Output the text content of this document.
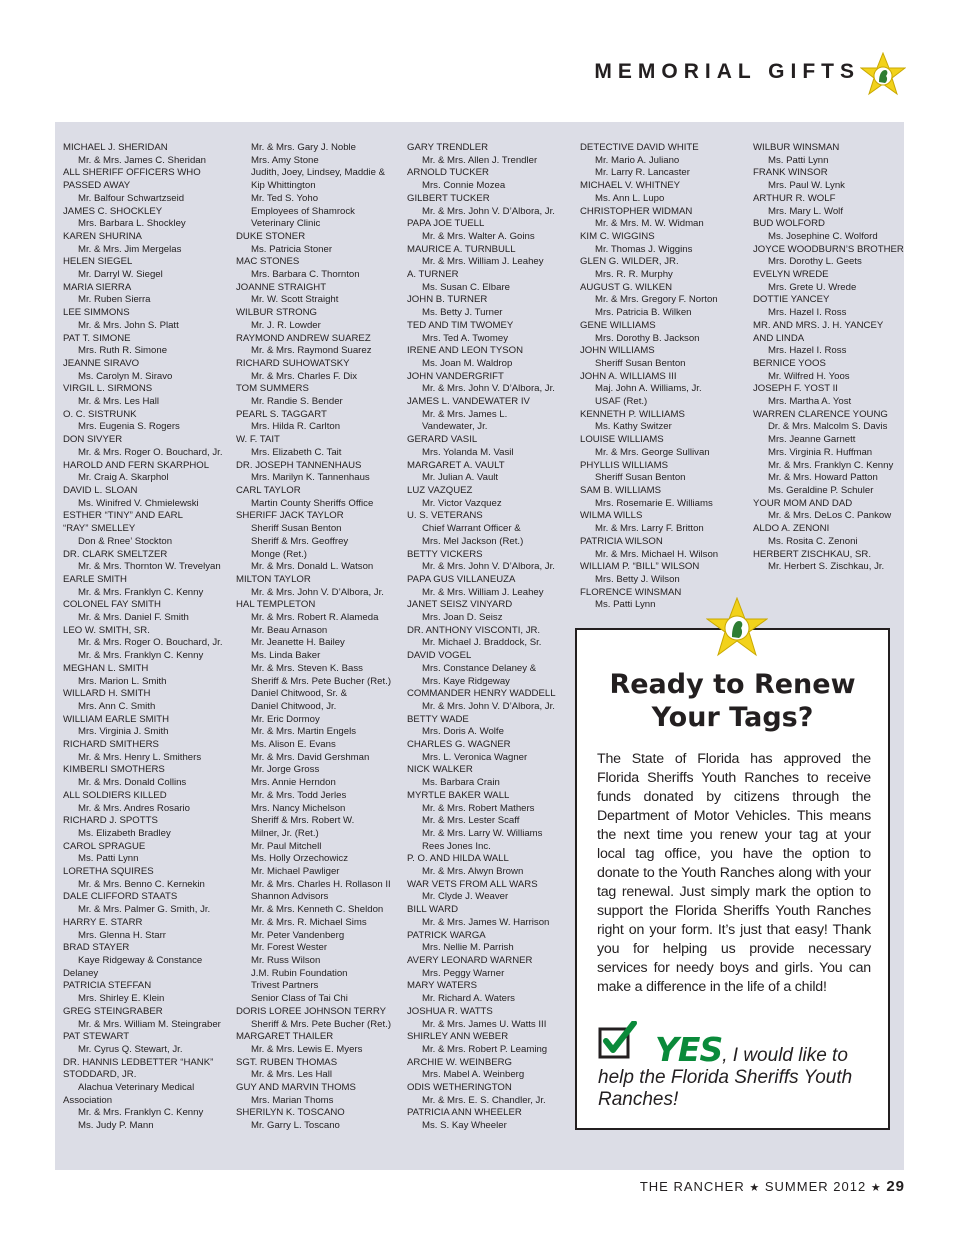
MEMORIAL GIFTS
MICHAEL J. SHERIDAN
Mr. & Mrs. James C. Sheridan
ALL SHERIFF OFFICERS WHO
PASSED AWAY
Mr. Balfour Schwartzseid
JAMES C. SHOCKLEY
Mrs. Barbara L. Shockley
KAREN SHURINA
Mr. & Mrs. Jim Mergelas
HELEN SIEGEL
Mr. Darryl W. Siegel
MARIA SIERRA
Mr. Ruben Sierra
LEE SIMMONS
Mr. & Mrs. John S. Platt
PAT T. SIMONE
Mrs. Ruth R. Simone
JEANNE SIRAVO
Ms. Carolyn M. Siravo
VIRGIL L. SIRMONS
Mr. & Mrs. Les Hall
O. C. SISTRUNK
Mrs. Eugenia S. Rogers
DON SIVYER
Mr. & Mrs. Roger O. Bouchard, Jr.
HAROLD AND FERN SKARPHOL
Mr. Craig A. Skarphol
DAVID L. SLOAN
Ms. Winifred V. Chmielewski
ESTHER “TINY” AND EARL
“RAY” SMELLEY
Don & Rnee’ Stockton
DR. CLARK SMELTZER
Mr. & Mrs. Thornton W. Trevelyan
EARLE SMITH
Mr. & Mrs. Franklyn C. Kenny
COLONEL FAY SMITH
Mr. & Mrs. Daniel F. Smith
LEO W. SMITH, SR.
Mr. & Mrs. Roger O. Bouchard, Jr.
Mr. & Mrs. Franklyn C. Kenny
MEGHAN L. SMITH
Mrs. Marion L. Smith
WILLARD H. SMITH
Mrs. Ann C. Smith
WILLIAM EARLE SMITH
Mrs. Virginia J. Smith
RICHARD SMITHERS
Mr. & Mrs. Henry L. Smithers
KIMBERLI SMOTHERS
Mr. & Mrs. Donald Collins
ALL SOLDIERS KILLED
Mr. & Mrs. Andres Rosario
RICHARD J. SPOTTS
Ms. Elizabeth Bradley
CAROL SPRAGUE
Ms. Patti Lynn
LORETHA SQUIRES
Mr. & Mrs. Benno C. Kernekin
DALE CLIFFORD STAATS
Mr. & Mrs. Palmer G. Smith, Jr.
HARRY E. STARR
Mrs. Glenna H. Starr
BRAD STAYER
Kaye Ridgeway & Constance
Delaney
PATRICIA STEFFAN
Mrs. Shirley E. Klein
GREG STEINGRABER
Mr. & Mrs. William M. Steingraber
PAT STEWART
Mr. Cyrus Q. Stewart, Jr.
DR. HANNIS LEDBETTER “HANK”
STODDARD, JR.
Alachua Veterinary Medical
Association
Mr. & Mrs. Franklyn C. Kenny
Ms. Judy P. Mann
Mr. & Mrs. Gary J. Noble
Mrs. Amy Stone
Judith, Joey, Lindsey, Maddie &
Kip Whittington
Mr. Ted S. Yoho
Employees of Shamrock
Veterinary Clinic
DUKE STONER
Ms. Patricia Stoner
MAC STONES
Mrs. Barbara C. Thornton
JOANNE STRAIGHT
Mr. W. Scott Straight
WILBUR STRONG
Mr. J. R. Lowder
RAYMOND ANDREW SUAREZ
Mr. & Mrs. Raymond Suarez
RICHARD SUHOWATSKY
Mr. & Mrs. Charles F. Dix
TOM SUMMERS
Mr. Randie S. Bender
PEARL S. TAGGART
Mrs. Hilda R. Carlton
W. F. TAIT
Mrs. Elizabeth C. Tait
DR. JOSEPH TANNENHAUS
Mrs. Marilyn K. Tannenhaus
CARL TAYLOR
Martin County Sheriffs Office
SHERIFF JACK TAYLOR
Sheriff Susan Benton
Sheriff & Mrs. Geoffrey
Monge (Ret.)
Mr. & Mrs. Donald L. Watson
MILTON TAYLOR
Mr. & Mrs. John V. D’Albora, Jr.
HAL TEMPLETON
Mr. & Mrs. Robert R. Alameda
Mr. Beau Arnason
Mr. Jeanette H. Bailey
Ms. Linda Baker
Mr. & Mrs. Steven K. Bass
Sheriff & Mrs. Pete Bucher (Ret.)
Daniel Chitwood, Sr. &
Daniel Chitwood, Jr.
Mr. Eric Dormoy
Mr. & Mrs. Martin Engels
Ms. Alison E. Evans
Mr. & Mrs. David Gershman
Mr. Jorge Gross
Mrs. Annie Herndon
Mr. & Mrs. Todd Jerles
Mrs. Nancy Michelson
Sheriff & Mrs. Robert W.
Milner, Jr. (Ret.)
Mr. Paul Mitchell
Ms. Holly Orzechowicz
Mr. Michael Pawliger
Mr. & Mrs. Charles H. Rollason II
Shannon Advisors
Mr. & Mrs. Kenneth C. Sheldon
Mr. & Mrs. R. Michael Sims
Mr. Peter Vandenberg
Mr. Forest Wester
Mr. Russ Wilson
J.M. Rubin Foundation
Trivest Partners
Senior Class of Tai Chi
DORIS LOREE JOHNSON TERRY
Sheriff & Mrs. Pete Bucher (Ret.)
MARGARET THAILER
Mr. & Mrs. Lewis E. Myers
SGT. RUBEN THOMAS
Mr. & Mrs. Les Hall
GUY AND MARVIN THOMS
Mrs. Marian Thoms
SHERILYN K. TOSCANO
Mr. Garry L. Toscano
GARY TRENDLER
Mr. & Mrs. Allen J. Trendler
ARNOLD TUCKER
Mrs. Connie Mozea
GILBERT TUCKER
Mr. & Mrs. John V. D’Albora, Jr.
PAPA JOE TUELL
Mr. & Mrs. Walter A. Goins
MAURICE A. TURNBULL
Mr. & Mrs. William J. Leahey
A. TURNER
Ms. Susan C. Elbare
JOHN B. TURNER
Ms. Betty J. Turner
TED AND TIM TWOMEY
Mrs. Ted A. Twomey
IRENE AND LEON TYSON
Ms. Joan M. Waldrop
JOHN VANDERGRIFT
Mr. & Mrs. John V. D’Albora, Jr.
JAMES L. VANDEWATER IV
Mr. & Mrs. James L.
Vandewater, Jr.
GERARD VASIL
Mrs. Yolanda M. Vasil
MARGARET A. VAULT
Mr. Julian A. Vault
LUZ VAZQUEZ
Mr. Victor Vazquez
U. S. VETERANS
Chief Warrant Officer &
Mrs. Mel Jackson (Ret.)
BETTY VICKERS
Mr. & Mrs. John V. D’Albora, Jr.
PAPA GUS VILLANEUZA
Mr. & Mrs. William J. Leahey
JANET SEISZ VINYARD
Mrs. Joan D. Seisz
DR. ANTHONY VISCONTI, JR.
Mr. Michael J. Braddock, Sr.
DAVID VOGEL
Mrs. Constance Delaney &
Mrs. Kaye Ridgeway
COMMANDER HENRY WADDELL
Mr. & Mrs. John V. D’Albora, Jr.
BETTY WADE
Mrs. Doris A. Wolfe
CHARLES G. WAGNER
Mrs. L. Veronica Wagner
NICK WALKER
Ms. Barbara Crain
MYRTLE BAKER WALL
Mr. & Mrs. Robert Mathers
Mr. & Mrs. Lester Scaff
Mr. & Mrs. Larry W. Williams
Rees Jones Inc.
P. O. AND HILDA WALL
Mr. & Mrs. Alwyn Brown
WAR VETS FROM ALL WARS
Mr. Clyde J. Weaver
BILL WARD
Mr. & Mrs. James W. Harrison
PATRICK WARGA
Mrs. Nellie M. Parrish
AVERY LEONARD WARNER
Mrs. Peggy Warner
MARY WATERS
Mr. Richard A. Waters
JOSHUA R. WATTS
Mr. & Mrs. James U. Watts III
SHIRLEY ANN WEBER
Mr. & Mrs. Robert P. Leaming
ARCHIE W. WEINBERG
Mrs. Mabel A. Weinberg
ODIS WETHERINGTON
Mr. & Mrs. E. S. Chandler, Jr.
PATRICIA ANN WHEELER
Ms. S. Kay Wheeler
DETECTIVE DAVID WHITE
Mr. Mario A. Juliano
Mr. Larry R. Lancaster
MICHAEL V. WHITNEY
Ms. Ann L. Lupo
CHRISTOPHER WIDMAN
Mr. & Mrs. M. W. Widman
KIM C. WIGGINS
Mr. Thomas J. Wiggins
GLEN G. WILDER, JR.
Mrs. R. R. Murphy
AUGUST G. WILKEN
Mr. & Mrs. Gregory F. Norton
Mrs. Patricia B. Wilken
GENE WILLIAMS
Mrs. Dorothy B. Jackson
JOHN WILLIAMS
Sheriff Susan Benton
JOHN A. WILLIAMS III
Maj. John A. Williams, Jr.
USAF (Ret.)
KENNETH P. WILLIAMS
Ms. Kathy Switzer
LOUISE WILLIAMS
Mr. & Mrs. George Sullivan
PHYLLIS WILLIAMS
Sheriff Susan Benton
SAM B. WILLIAMS
Mrs. Rosemarie E. Williams
WILMA WILLS
Mr. & Mrs. Larry F. Britton
PATRICIA WILSON
Mr. & Mrs. Michael H. Wilson
WILLIAM P. “BILL” WILSON
Mrs. Betty J. Wilson
FLORENCE WINSMAN
Ms. Patti Lynn
WILBUR WINSMAN
Ms. Patti Lynn
FRANK WINSOR
Mrs. Paul W. Lynk
ARTHUR R. WOLF
Mrs. Mary L. Wolf
BUD WOLFORD
Ms. Josephine C. Wolford
JOYCE WOODBURN’S BROTHER
Mrs. Dorothy L. Geets
EVELYN WREDE
Mrs. Grete U. Wrede
DOTTIE YANCEY
Mrs. Hazel I. Ross
MR. AND MRS. J. H. YANCEY
AND LINDA
Mrs. Hazel I. Ross
BERNICE YOOS
Mr. Wilfred H. Yoos
JOSEPH F. YOST II
Mrs. Martha A. Yost
WARREN CLARENCE YOUNG
Dr. & Mrs. Malcolm S. Davis
Mrs. Jeanne Garnett
Mrs. Virginia R. Huffman
Mr. & Mrs. Franklyn C. Kenny
Mr. & Mrs. Howard Patton
Ms. Geraldine P. Schuler
YOUR MOM AND DAD
Mr. & Mrs. DeLos C. Pankow
ALDO A. ZENONI
Ms. Rosita C. Zenoni
HERBERT ZISCHKAU, SR.
Mr. Herbert S. Zischkau, Jr.
Ready to Renew
Your Tags?
The State of Florida has approved the Florida Sheriffs Youth Ranches to receive funds donated by citizens through the Department of Motor Vehicles. This means the next time you renew your tag at your local tag office, you have the option to donate to the Youth Ranches along with your tag renewal. Just simply mark the option to support the Florida Sheriffs Youth Ranches right on your form. It’s just that easy! Thank you for helping us provide necessary services for needy boys and girls. You can make a difference in the life of a child!
YES, I would like to
help the Florida Sheriffs Youth Ranches!
THE RANCHER ★ SUMMER 2012 ★ 29
